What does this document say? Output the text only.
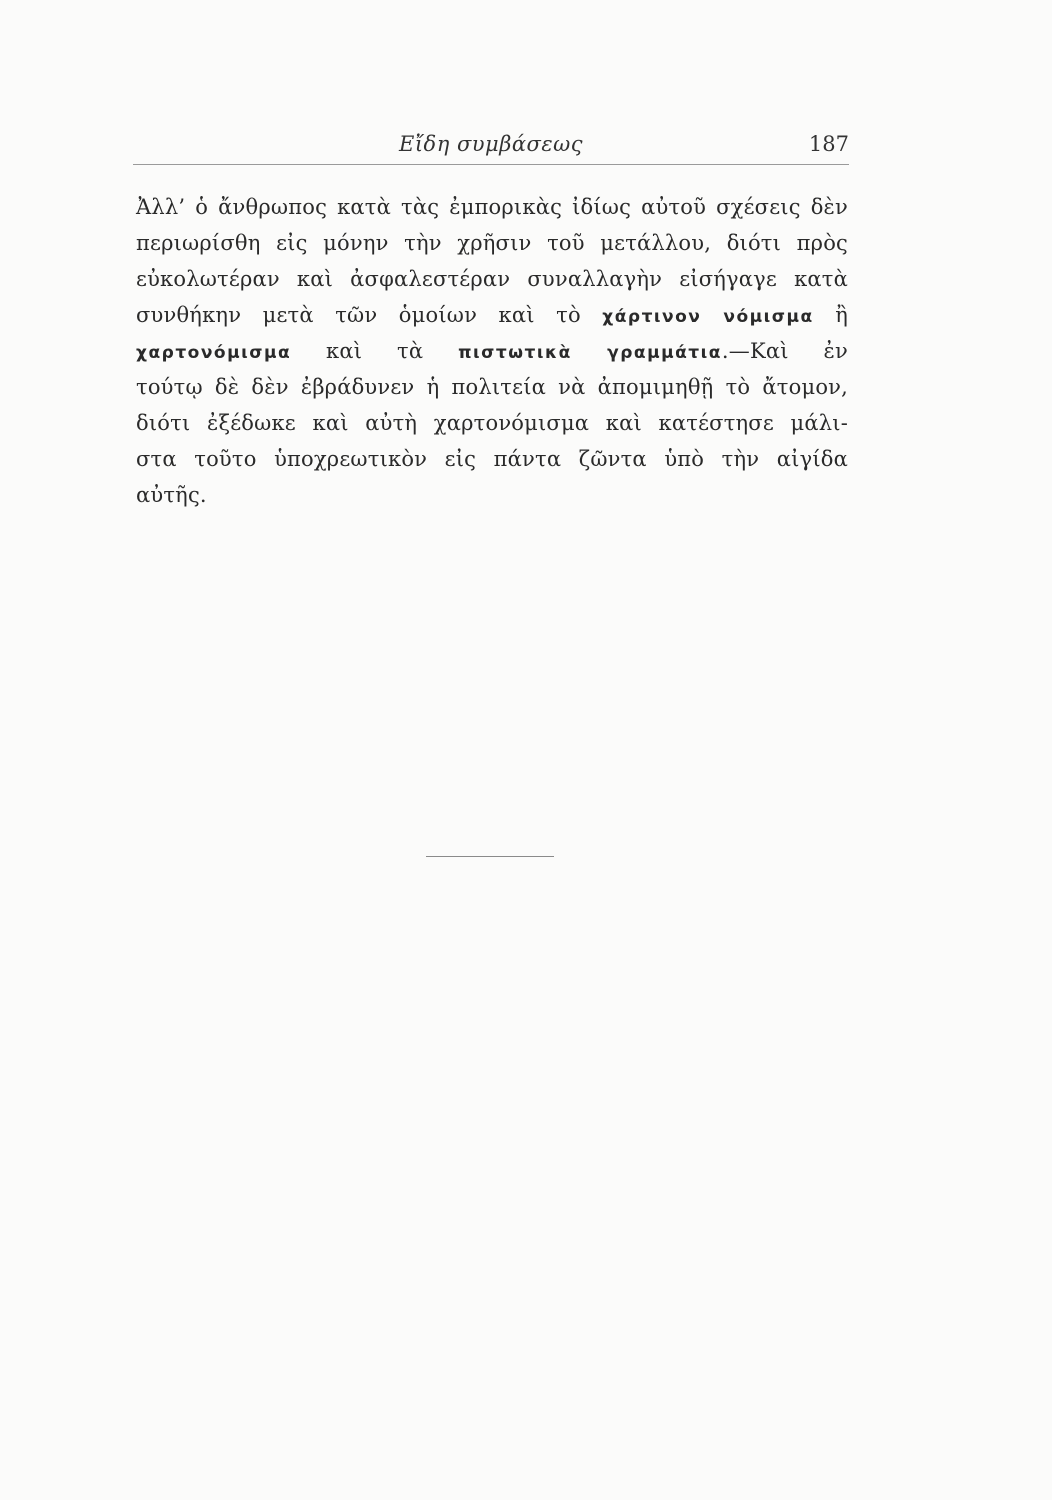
Εἴδη συμβάσεως	187
Ἀλλ’ ὁ ἄνθρωπος κατὰ τὰς ἐμπορικὰς ἰδίως αὐτοῦ σχέσεις δὲν
περιωρίσθη εἰς μόνην τὴν χρῆσιν τοῦ μετάλλου, διότι πρὸς
εὐκολωτέραν καὶ ἀσφαλεστέραν συναλλαγὴν εἰσήγαγε κατὰ
συνθήκην μετὰ τῶν ὁμοίων καὶ τὸ χάρτινον νόμισμα ἢ
χαρτονόμισμα καὶ τὰ πιστωτικὰ γραμμάτια.—Καὶ ἐν
τούτῳ δὲ δὲν ἐβράδυνεν ἡ πολιτεία νὰ ἀπομιμηθῇ τὸ ἄτομον,
διότι ἐξέδωκε καὶ αὐτὴ χαρτονόμισμα καὶ κατέστησε μάλι-
στα τοῦτο ὑποχρεωτικὸν εἰς πάντα ζῶντα ὑπὸ τὴν αἰγίδα
αὐτῆς.
